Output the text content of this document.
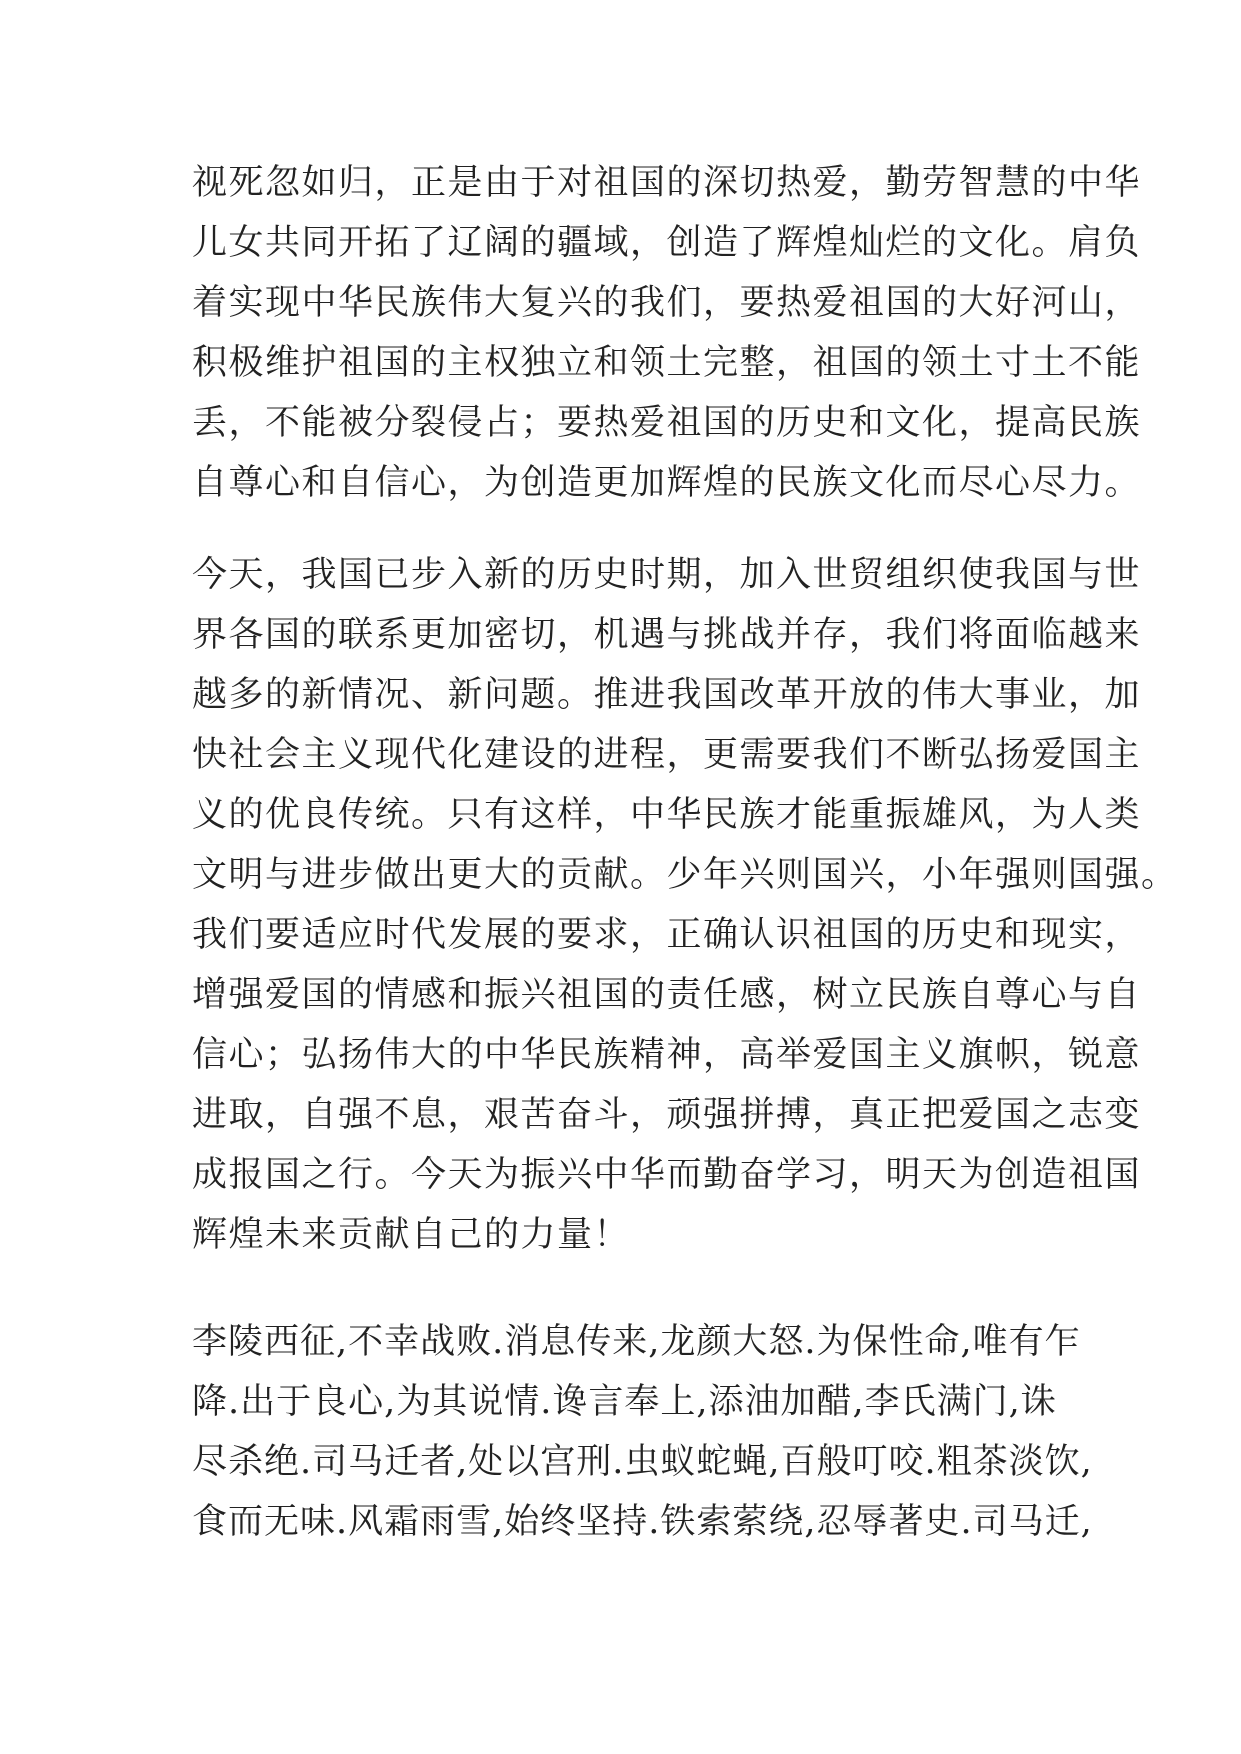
视死忽如归，正是由于对祖国的深切热爱，勤劳智慧的中华
儿女共同开拓了辽阔的疆域，创造了辉煌灿烂的文化。肩负
着实现中华民族伟大复兴的我们，要热爱祖国的大好河山，
积极维护祖国的主权独立和领土完整，祖国的领土寸土不能
丢，不能被分裂侵占；要热爱祖国的历史和文化，提高民族
自尊心和自信心，为创造更加辉煌的民族文化而尽心尽力。
今天，我国已步入新的历史时期，加入世贸组织使我国与世
界各国的联系更加密切，机遇与挑战并存，我们将面临越来
越多的新情况、新问题。推进我国改革开放的伟大事业，加
快社会主义现代化建设的进程，更需要我们不断弘扬爱国主
义的优良传统。只有这样，中华民族才能重振雄风，为人类
文明与进步做出更大的贡献。少年兴则国兴，小年强则国强。
我们要适应时代发展的要求，正确认识祖国的历史和现实，
增强爱国的情感和振兴祖国的责任感，树立民族自尊心与自
信心；弘扬伟大的中华民族精神，高举爱国主义旗帜，锐意
进取，自强不息，艰苦奋斗，顽强拼搏，真正把爱国之志变
成报国之行。今天为振兴中华而勤奋学习，明天为创造祖国
辉煌未来贡献自己的力量！
李陵西征,不幸战败.消息传来,龙颜大怒.为保性命,唯有乍
降.出于良心,为其说情.谗言奉上,添油加醋,李氏满门,诛
尽杀绝.司马迁者,处以宫刑.虫蚁蛇蝇,百般叮咬.粗茶淡饮,
食而无味.风霜雨雪,始终坚持.铁索萦绕,忍辱著史.司马迁,
